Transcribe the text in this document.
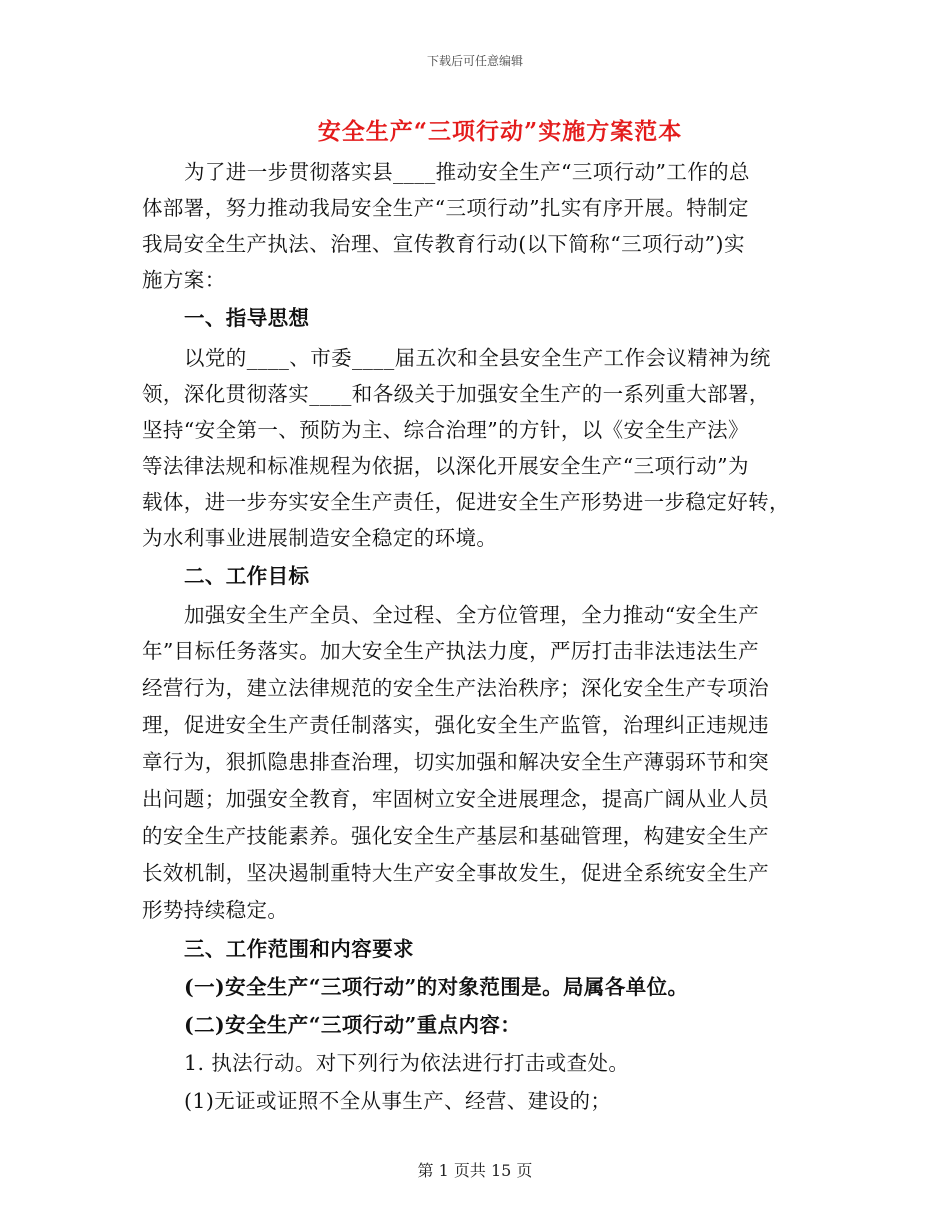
下载后可任意编辑
安全生产“三项行动”实施方案范本
为了进一步贯彻落实县____推动安全生产“三项行动”工作的总
体部署，努力推动我局安全生产“三项行动”扎实有序开展。特制定
我局安全生产执法、治理、宣传教育行动(以下简称“三项行动”)实
施方案：
一、指导思想
以党的____、市委____届五次和全县安全生产工作会议精神为统
领，深化贯彻落实____和各级关于加强安全生产的一系列重大部署，
坚持“安全第一、预防为主、综合治理”的方针，以《安全生产法》
等法律法规和标准规程为依据，以深化开展安全生产“三项行动”为
载体，进一步夯实安全生产责任，促进安全生产形势进一步稳定好转，
为水利事业进展制造安全稳定的环境。
二、工作目标
加强安全生产全员、全过程、全方位管理，全力推动“安全生产
年”目标任务落实。加大安全生产执法力度，严厉打击非法违法生产
经营行为，建立法律规范的安全生产法治秩序；深化安全生产专项治
理，促进安全生产责任制落实，强化安全生产监管，治理纠正违规违
章行为，狠抓隐患排查治理，切实加强和解决安全生产薄弱环节和突
出问题；加强安全教育，牢固树立安全进展理念，提高广阔从业人员
的安全生产技能素养。强化安全生产基层和基础管理，构建安全生产
长效机制，坚决遏制重特大生产安全事故发生，促进全系统安全生产
形势持续稳定。
三、工作范围和内容要求
(一)安全生产“三项行动”的对象范围是。局属各单位。
(二)安全生产“三项行动”重点内容：
1. 执法行动。对下列行为依法进行打击或查处。
(1)无证或证照不全从事生产、经营、建设的；
第 1 页共 15 页
